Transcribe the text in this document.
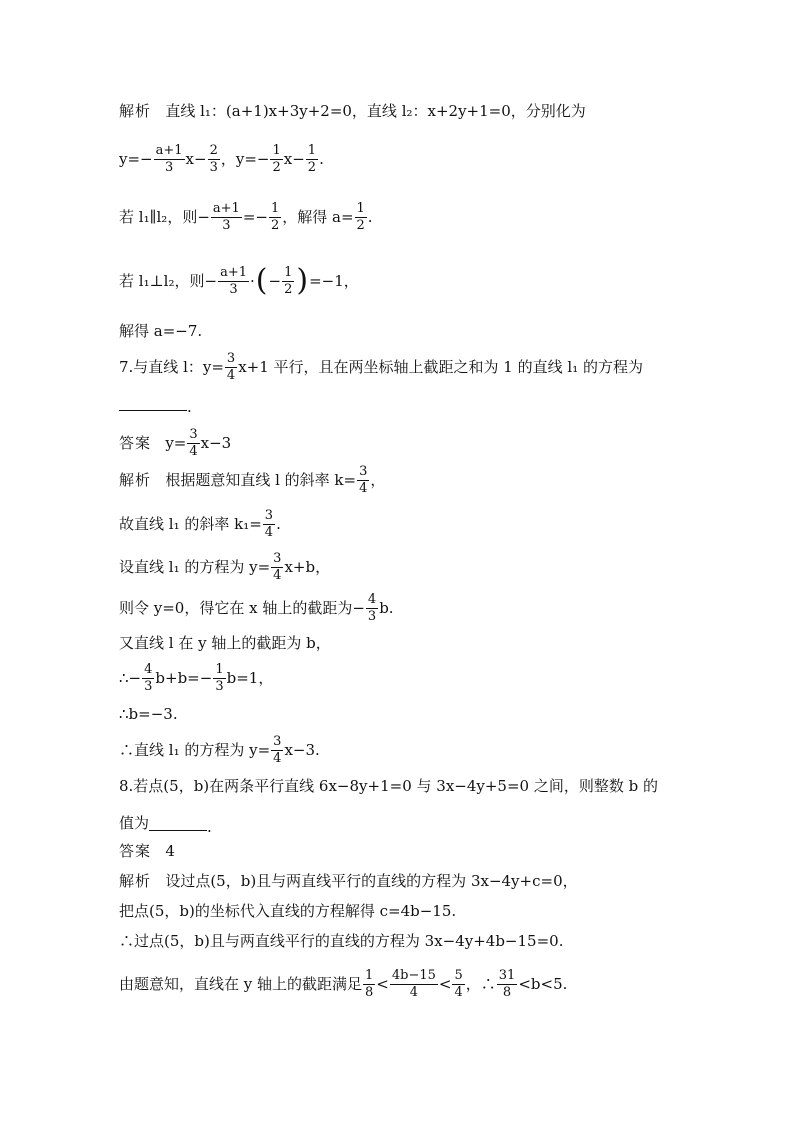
解析
直线 l₁：(a+1)x+3y+2=0，直线 l₂：x+2y+1=0，分别化为
$y=- \frac{a+1}{3} x- \frac{2}{3}$ ，$y=- \frac{1}{2} x- \frac{1}{2}$ .
若 l₁∥l₂，则− $\frac{a+1}{3} =- \frac{1}{2}$ ，解得 $a= \frac{1}{2}$ .
若 l₁⊥l₂，则− $\frac{a+1}{3}$ · ( − $\frac{1}{2}$ ) =−1，
解得 a=−7.
7.与直线 l：$y= \frac{3}{4} x+1$ 平行，且在两坐标轴上截距之和为 1 的直线 l₁ 的方程为
.
答案
$y= \frac{3}{4} x-3$
解析
根据题意知直线 l 的斜率 $k= \frac{3}{4}$ ，
故直线 l₁ 的斜率 $k_1= \frac{3}{4}$ .
设直线 l₁ 的方程为 $y= \frac{3}{4} x+b$，
则令 y=0，得它在 x 轴上的截距为− $\frac{4}{3} b$.
又直线 l 在 y 轴上的截距为 b，
∴− $\frac{4}{3} b+b=- \frac{1}{3} b=1$，
∴b=−3.
∴直线 l₁ 的方程为 $y= \frac{3}{4} x-3$.
8.若点(5，b)在两条平行直线 6x−8y+1=0 与 3x−4y+5=0 之间，则整数 b 的
值为	.
答案
4
解析
设过点(5，b)且与两直线平行的直线的方程为 3x−4y+c=0，
把点(5，b)的坐标代入直线的方程解得 c=4b−15.
∴过点(5，b)且与两直线平行的直线的方程为 3x−4y+4b−15=0.
由题意知，直线在 y 轴上的截距满足 $\frac{1}{8} < \frac{4b-15}{4} < \frac{5}{4}$ ，∴ $\frac{31}{8} <b<5$.
